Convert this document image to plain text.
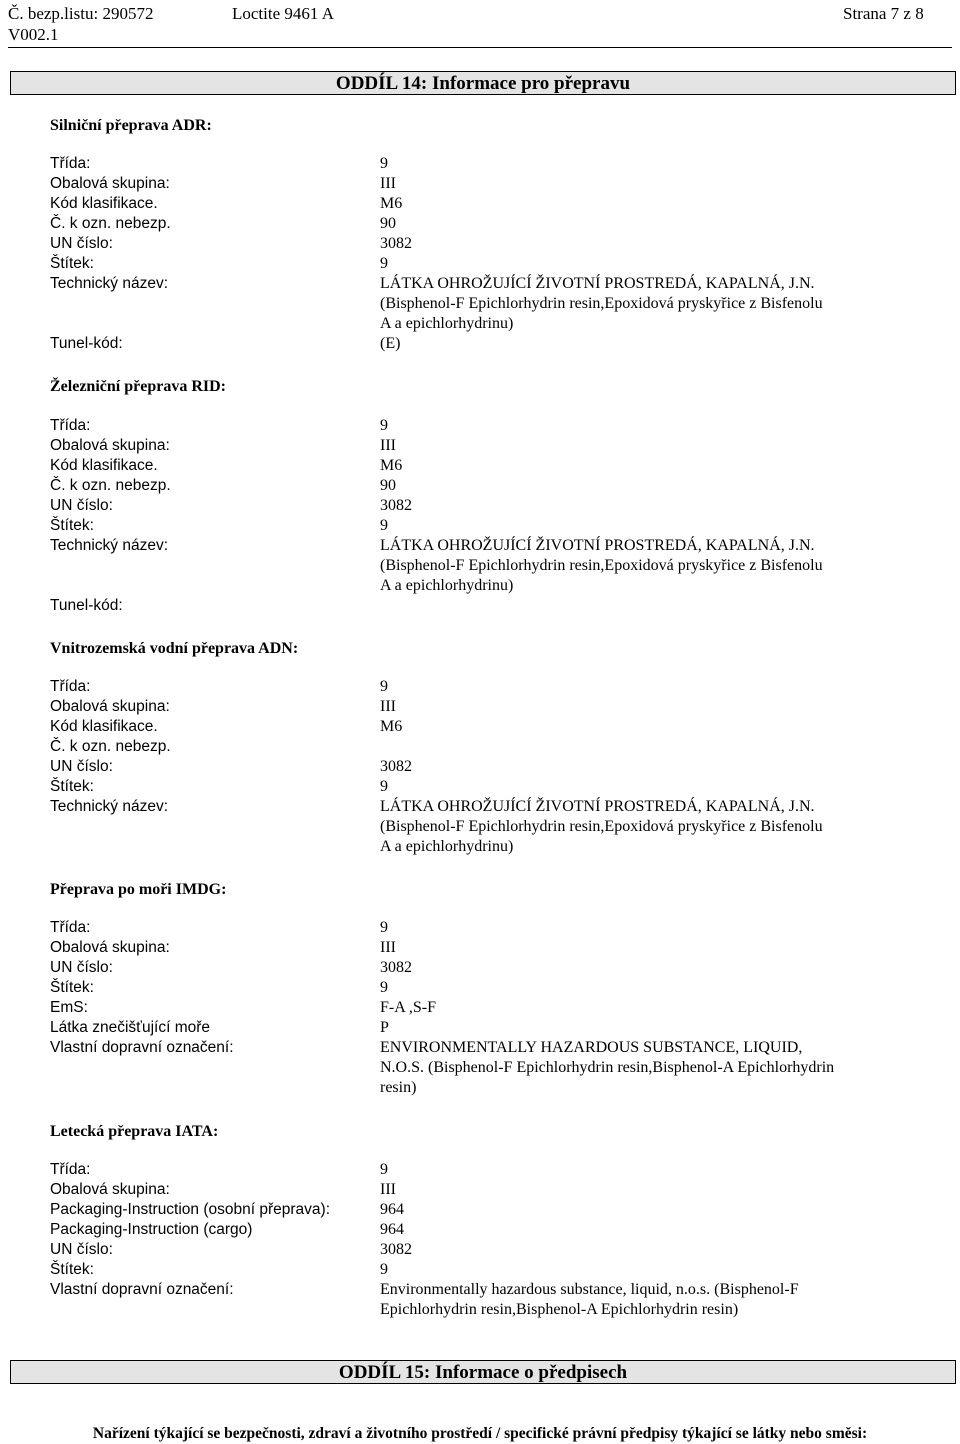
Č. bezp.listu: 290572	Loctite 9461 A	Strana 7 z 8
V002.1
ODDÍL 14: Informace pro přepravu
Silniční přeprava ADR:
Třída:	9
Obalová skupina:	III
Kód klasifikace.	M6
Č. k ozn. nebezp.	90
UN číslo:	3082
Štítek:	9
Technický název:	LÁTKA OHROŽUJÍCÍ ŽIVOTNÍ PROSTREDÁ, KAPALNÁ, J.N.
(Bisphenol-F Epichlorhydrin resin,Epoxidová pryskyřice z Bisfenolu
A a epichlorhydrinu)
Tunel-kód:	(E)
Železniční přeprava RID:
Třída:	9
Obalová skupina:	III
Kód klasifikace.	M6
Č. k ozn. nebezp.	90
UN číslo:	3082
Štítek:	9
Technický název:	LÁTKA OHROŽUJÍCÍ ŽIVOTNÍ PROSTREDÁ, KAPALNÁ, J.N.
(Bisphenol-F Epichlorhydrin resin,Epoxidová pryskyřice z Bisfenolu
A a epichlorhydrinu)
Tunel-kód:
Vnitrozemská vodní přeprava ADN:
Třída:	9
Obalová skupina:	III
Kód klasifikace.	M6
Č. k ozn. nebezp.
UN číslo:	3082
Štítek:	9
Technický název:	LÁTKA OHROŽUJÍCÍ ŽIVOTNÍ PROSTREDÁ, KAPALNÁ, J.N.
(Bisphenol-F Epichlorhydrin resin,Epoxidová pryskyřice z Bisfenolu
A a epichlorhydrinu)
Přeprava po moři IMDG:
Třída:	9
Obalová skupina:	III
UN číslo:	3082
Štítek:	9
EmS:	F-A ,S-F
Látka znečišťující moře	P
Vlastní dopravní označení:	ENVIRONMENTALLY HAZARDOUS SUBSTANCE, LIQUID,
N.O.S. (Bisphenol-F Epichlorhydrin resin,Bisphenol-A Epichlorhydrin
resin)
Letecká přeprava IATA:
Třída:	9
Obalová skupina:	III
Packaging-Instruction (osobní přeprava):	964
Packaging-Instruction (cargo)	964
UN číslo:	3082
Štítek:	9
Vlastní dopravní označení:	Environmentally hazardous substance, liquid, n.o.s. (Bisphenol-F
Epichlorhydrin resin,Bisphenol-A Epichlorhydrin resin)
ODDÍL 15: Informace o předpisech
Nařízení týkající se bezpečnosti, zdraví a životního prostředí / specifické právní předpisy týkající se látky nebo směsi:
